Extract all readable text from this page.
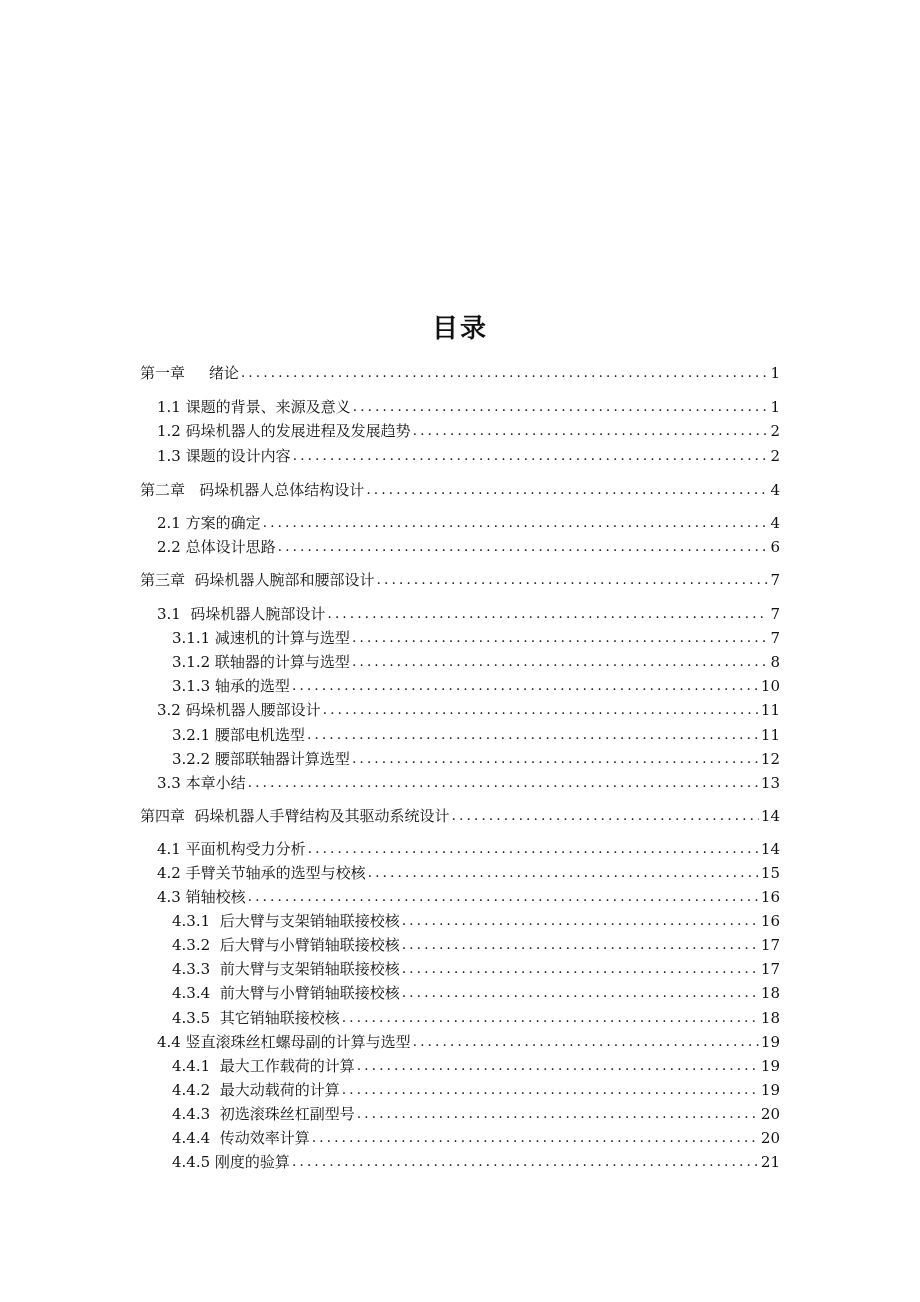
目录
第一章     绪论 .....	1
1.1 课题的背景、来源及意义 .....	1
1.2 码垛机器人的发展进程及发展趋势 .....	2
1.3 课题的设计内容 .....	2
第二章   码垛机器人总体结构设计 .....	4
2.1 方案的确定 .....	4
2.2 总体设计思路 .....	6
第三章  码垛机器人腕部和腰部设计 .....	7
3.1  码垛机器人腕部设计 .....	7
3.1.1 减速机的计算与选型 .....	7
3.1.2 联轴器的计算与选型 .....	8
3.1.3 轴承的选型 .....	10
3.2 码垛机器人腰部设计 .....	11
3.2.1 腰部电机选型 .....	11
3.2.2 腰部联轴器计算选型 .....	12
3.3 本章小结 .....	13
第四章  码垛机器人手臂结构及其驱动系统设计 .....	14
4.1 平面机构受力分析 .....	14
4.2 手臂关节轴承的选型与校核 .....	15
4.3 销轴校核 .....	16
4.3.1  后大臂与支架销轴联接校核 .....	16
4.3.2  后大臂与小臂销轴联接校核 .....	17
4.3.3  前大臂与支架销轴联接校核 .....	17
4.3.4  前大臂与小臂销轴联接校核 .....	18
4.3.5  其它销轴联接校核 .....	18
4.4 竖直滚珠丝杠螺母副的计算与选型 .....	19
4.4.1  最大工作载荷的计算 .....	19
4.4.2  最大动载荷的计算 .....	19
4.4.3  初选滚珠丝杠副型号 .....	20
4.4.4  传动效率计算 .....	20
4.4.5 刚度的验算 .....	21
